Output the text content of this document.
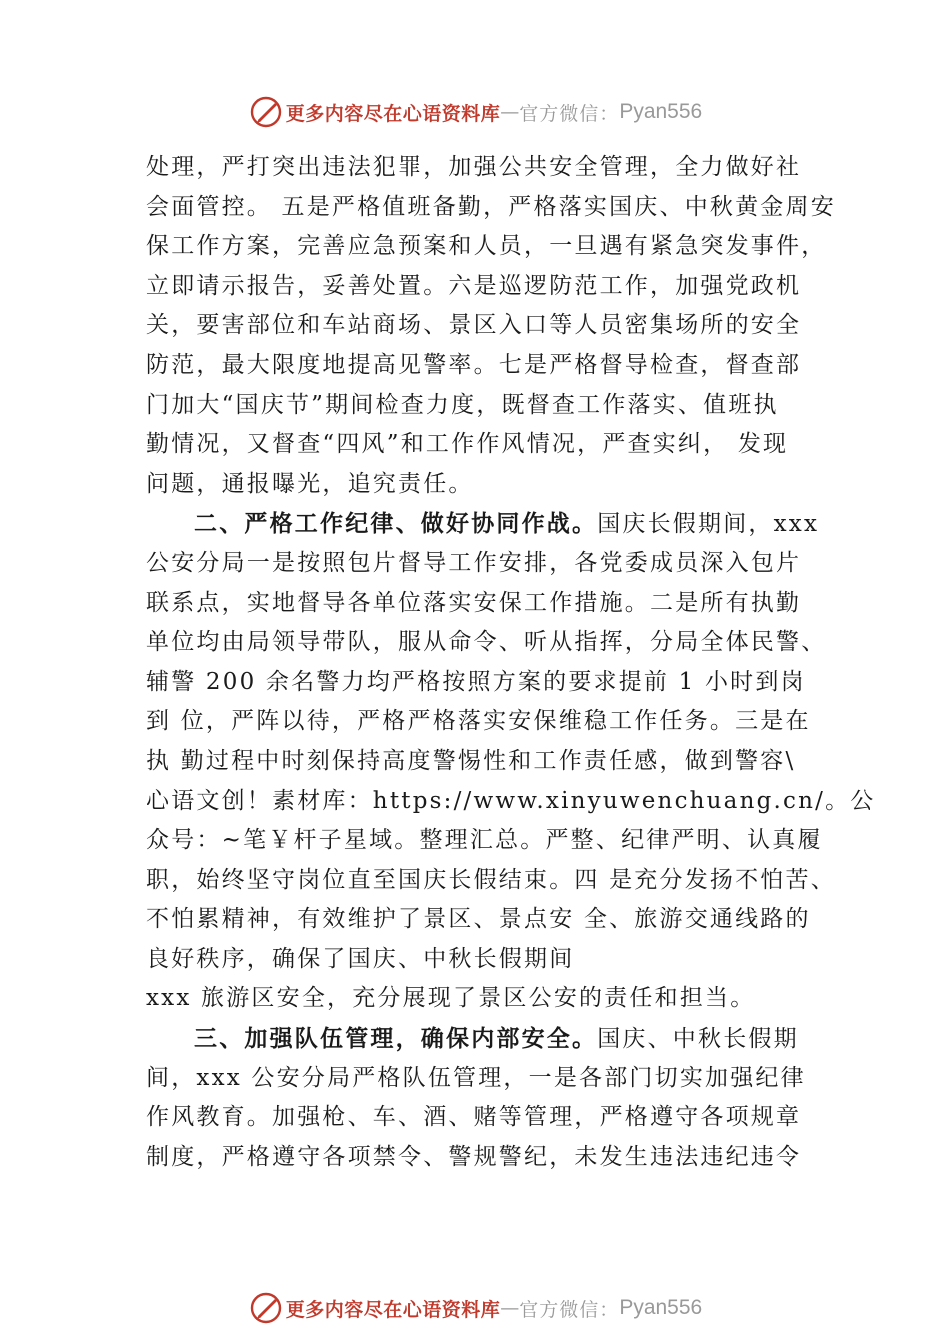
更多内容尽在心语资料库 — 官方微信： Pyan556
处理，严打突出违法犯罪，加强公共安全管理，全力做好社
会面管控。 五是严格值班备勤，严格落实国庆、中秋黄金周安
保工作方案，完善应急预案和人员，一旦遇有紧急突发事件，
立即请示报告，妥善处置。六是巡逻防范工作，加强党政机
关，要害部位和车站商场、景区入口等人员密集场所的安全
防范，最大限度地提高见警率。七是严格督导检查，督查部
门加大“国庆节”期间检查力度，既督查工作落实、值班执
勤情况，又督查“四风”和工作作风情况，严查实纠， 发现
问题，通报曝光，追究责任。
二、严格工作纪律、做好协同作战。国庆长假期间，xxx
公安分局一是按照包片督导工作安排，各党委成员深入包片
联系点，实地督导各单位落实安保工作措施。二是所有执勤
单位均由局领导带队，服从命令、听从指挥，分局全体民警、
辅警 200 余名警力均严格按照方案的要求提前 1 小时到岗
到 位，严阵以待，严格严格落实安保维稳工作任务。三是在
执 勤过程中时刻保持高度警惕性和工作责任感，做到警容\
心语文创！素材库：https://www.xinyuwenchuang.cn/。公
众号：~笔￥杆子星域。整理汇总。严整、纪律严明、认真履
职，始终坚守岗位直至国庆长假结束。四 是充分发扬不怕苦、
不怕累精神，有效维护了景区、景点安 全、旅游交通线路的
良好秩序，确保了国庆、中秋长假期间
xxx 旅游区安全，充分展现了景区公安的责任和担当。
三、加强队伍管理，确保内部安全。国庆、中秋长假期
间，xxx 公安分局严格队伍管理，一是各部门切实加强纪律
作风教育。加强枪、车、酒、赌等管理，严格遵守各项规章
制度，严格遵守各项禁令、警规警纪，未发生违法违纪违令
更多内容尽在心语资料库 — 官方微信： Pyan556
